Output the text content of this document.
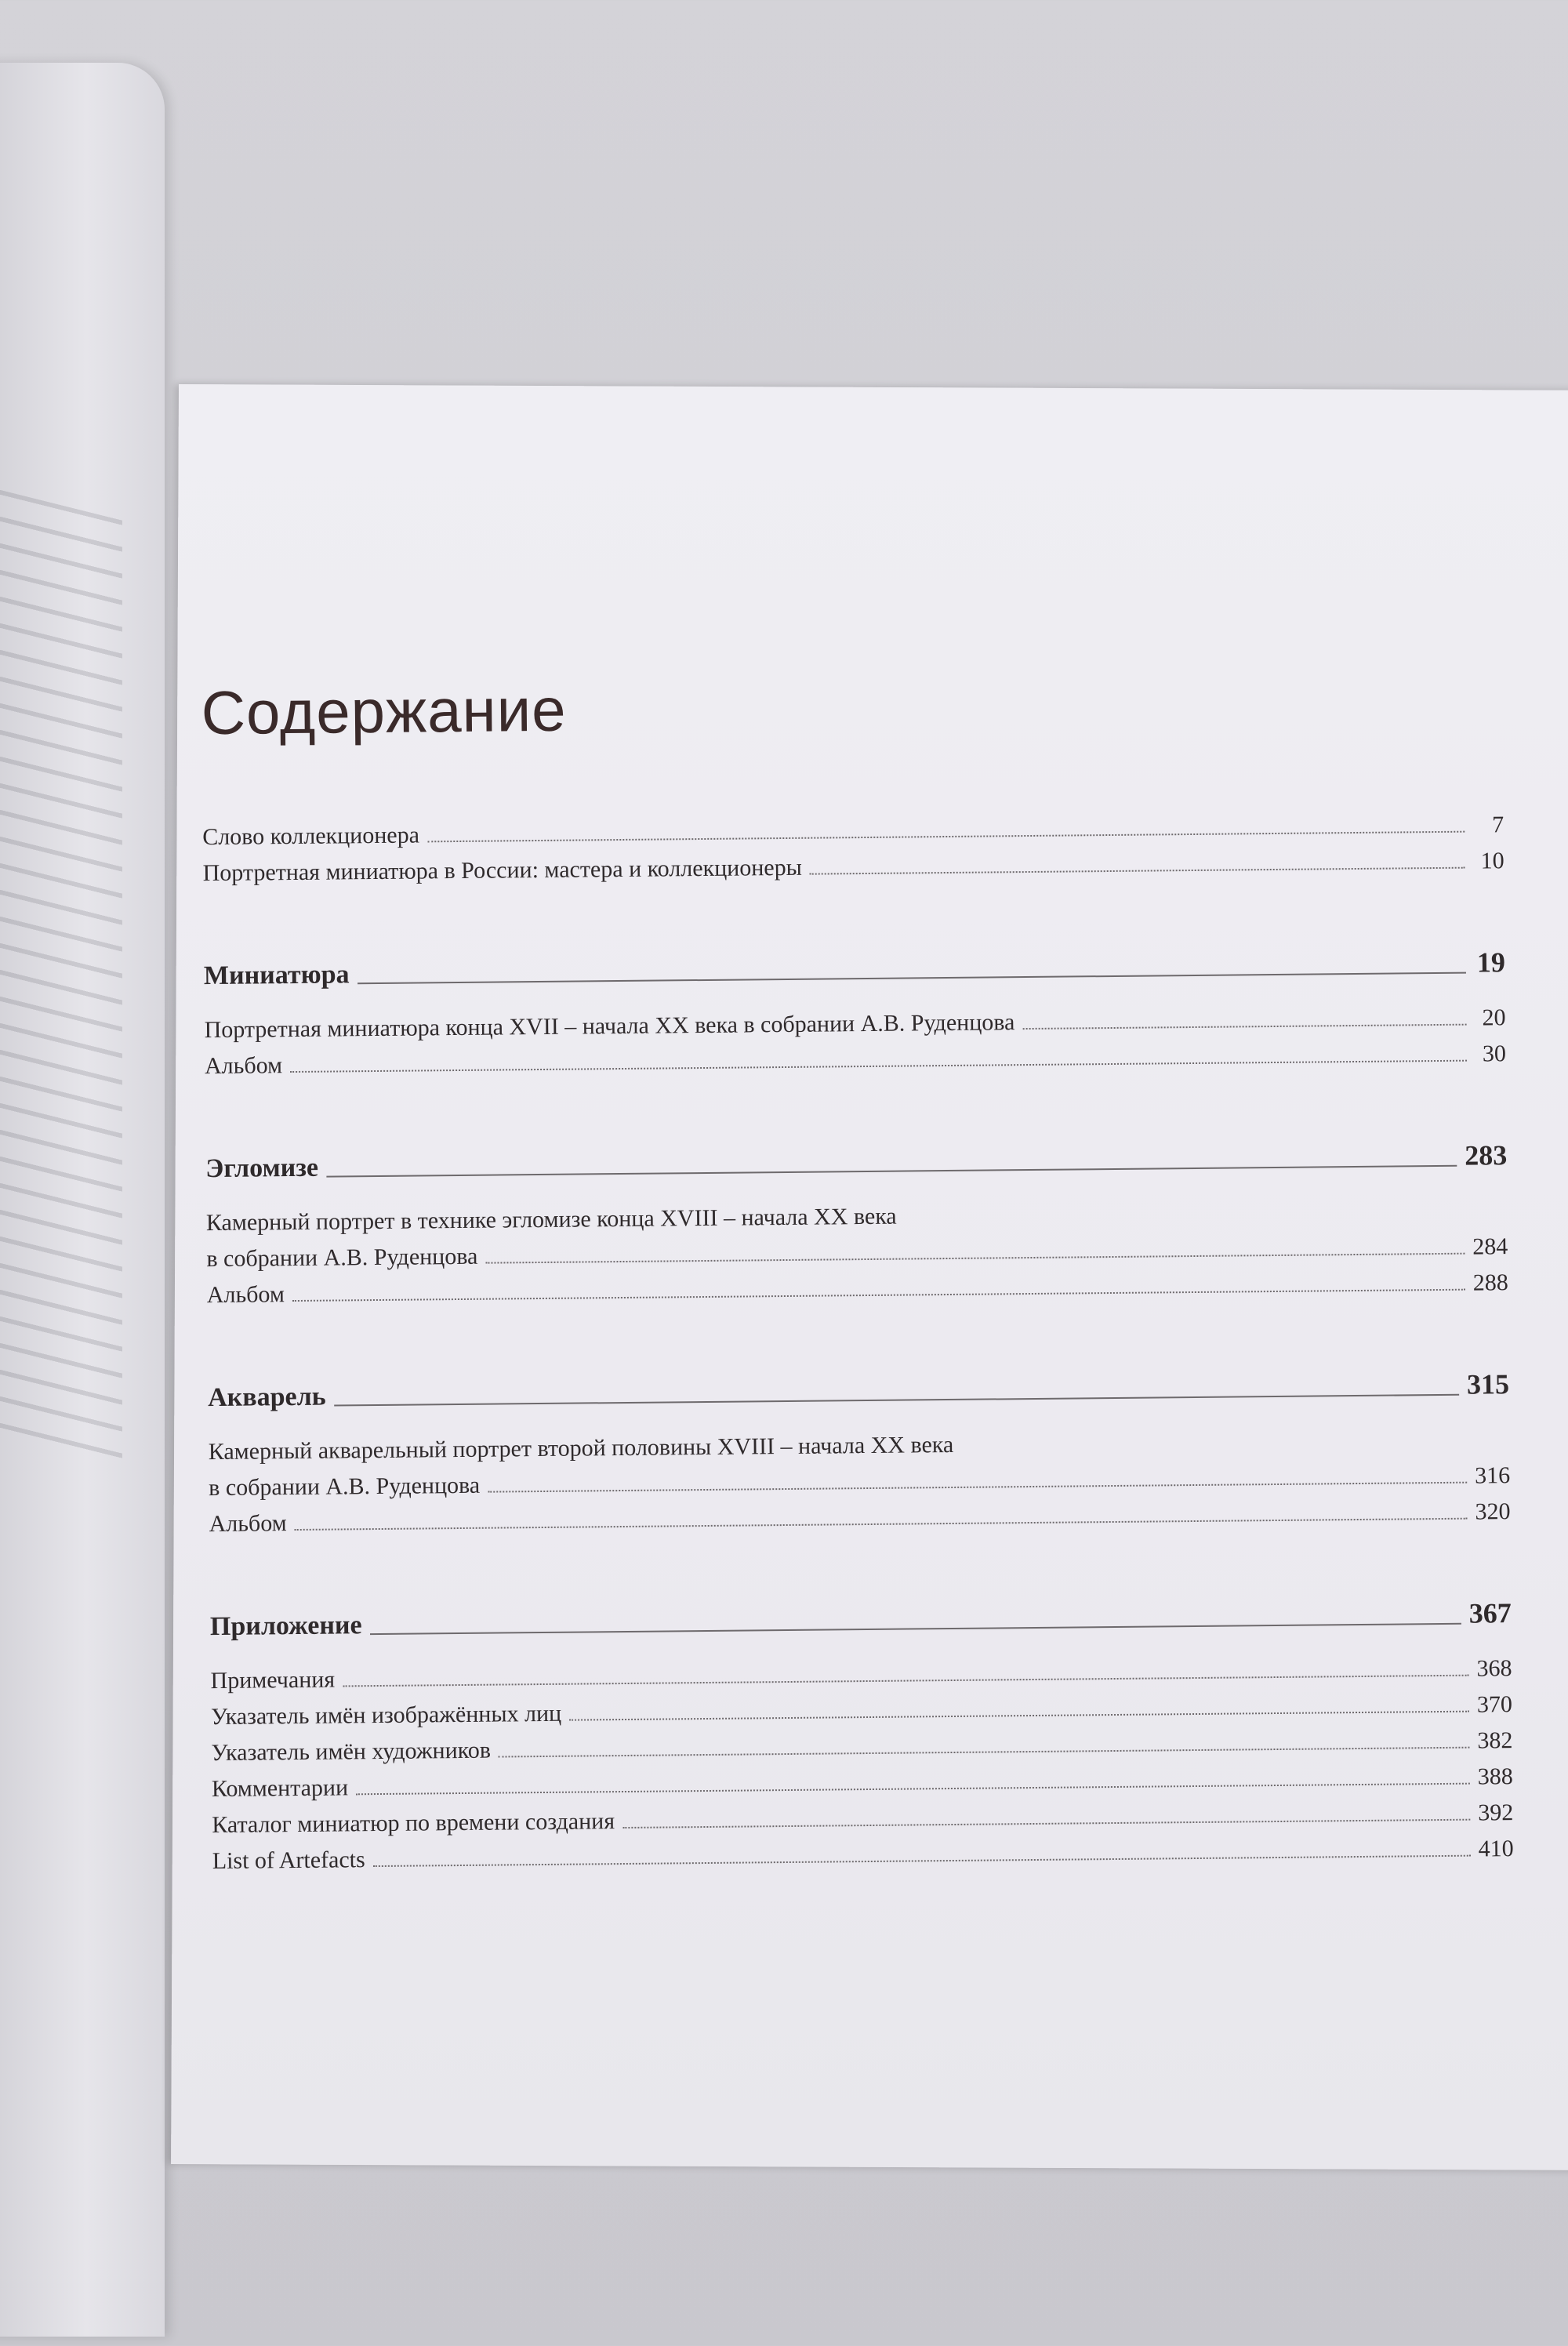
Содержание
Слово коллекционера	7
Портретная миниатюра в России: мастера и коллекционеры	10
Миниатюра	19
Портретная миниатюра конца XVII – начала XX века в собрании А.В. Руденцова	20
Альбом	30
Эгломизе	283
Камерный портрет в технике эгломизе конца XVIII – начала XX века
в собрании А.В. Руденцова	284
Альбом	288
Акварель	315
Камерный акварельный портрет второй половины XVIII – начала XX века
в собрании А.В. Руденцова	316
Альбом	320
Приложение	367
Примечания	368
Указатель имён изображённых лиц	370
Указатель имён художников	382
Комментарии	388
Каталог миниатюр по времени создания	392
List of Artefacts	410
